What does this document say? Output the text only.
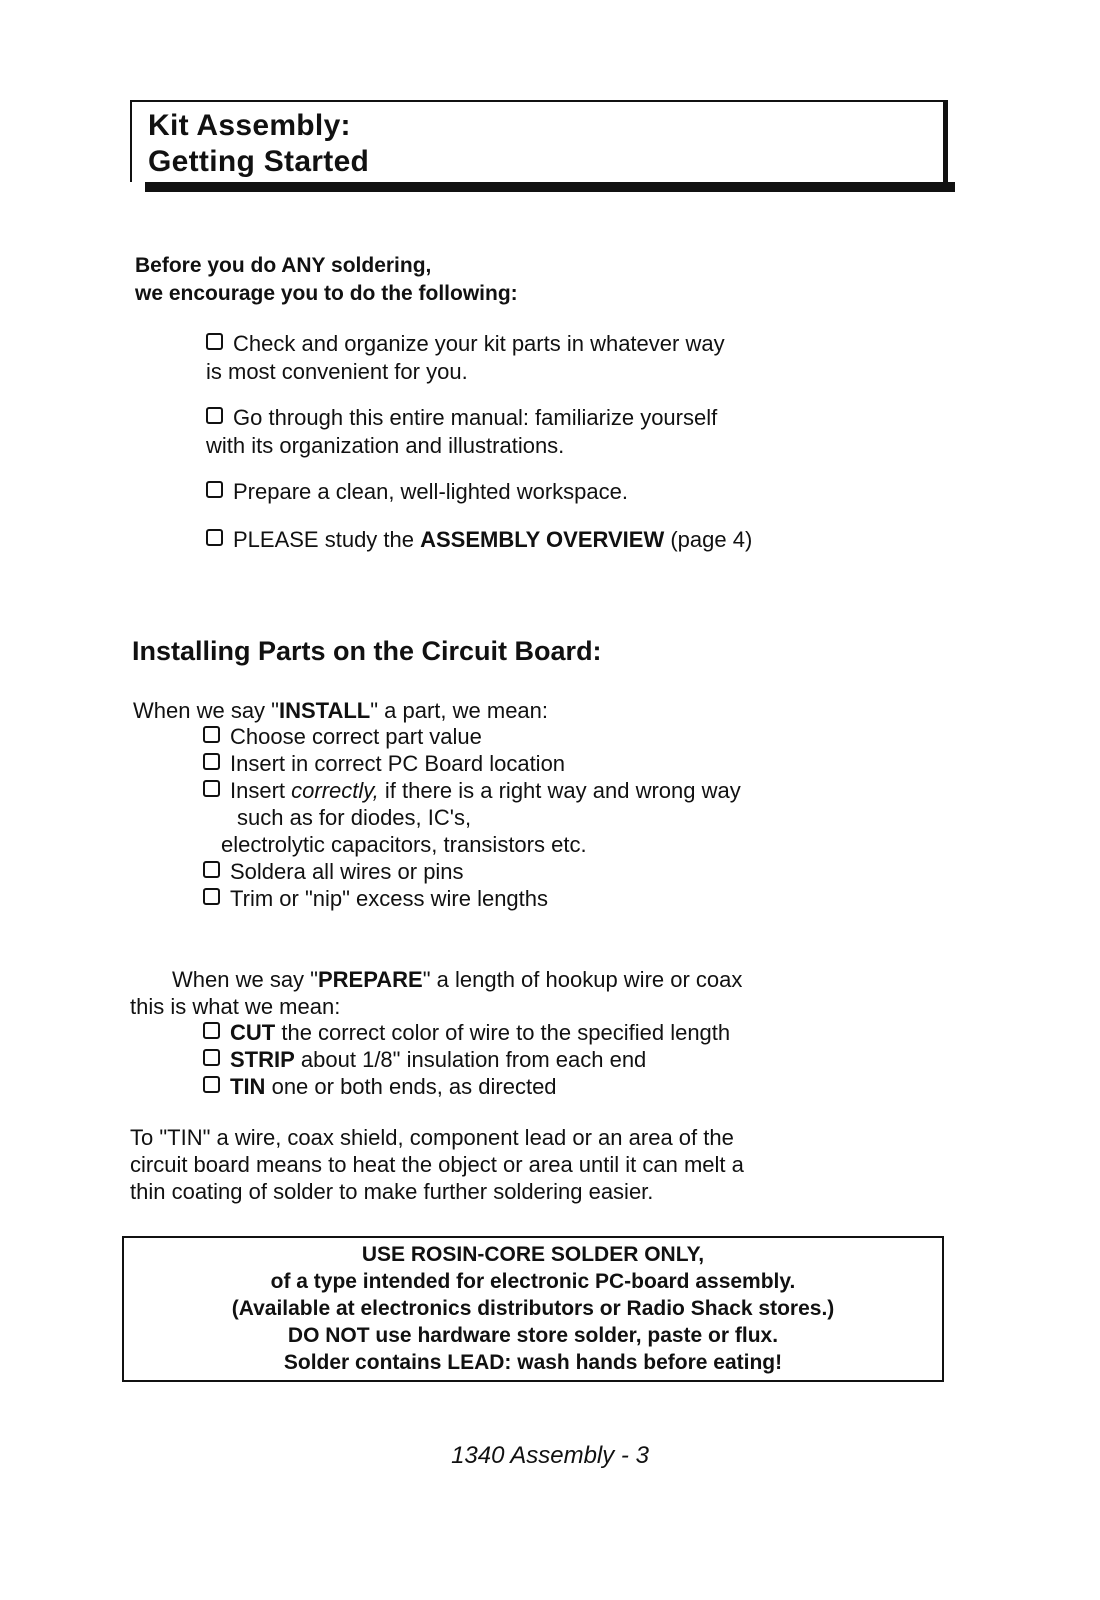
Kit Assembly:
Getting Started
Before you do ANY soldering,
we encourage you to do the following:
Check and organize your kit parts in whatever way
is most convenient for you.
Go through this entire manual: familiarize yourself
with its organization and illustrations.
Prepare a clean, well-lighted workspace.
PLEASE study the ASSEMBLY OVERVIEW (page 4)
Installing Parts on the Circuit Board:
When we say "INSTALL" a part, we mean:
Choose correct part value
Insert in correct PC Board location
Insert correctly, if there is a right way and wrong way
such as for diodes, IC's,
electrolytic capacitors, transistors etc.
Soldera all wires or pins
Trim or "nip" excess wire lengths
When we say "PREPARE" a length of hookup wire or coax
this is what we mean:
CUT the correct color of wire to the specified length
STRIP about 1/8" insulation from each end
TIN one or both ends, as directed
To "TIN" a wire, coax shield, component lead or an area of the
circuit board means to heat the object or area until it can melt a
thin coating of solder to make further soldering easier.
USE ROSIN-CORE SOLDER ONLY,
of a type intended for electronic PC-board assembly.
(Available at electronics distributors or Radio Shack stores.)
DO NOT use hardware store solder, paste or flux.
Solder contains LEAD: wash hands before eating!
1340 Assembly - 3
